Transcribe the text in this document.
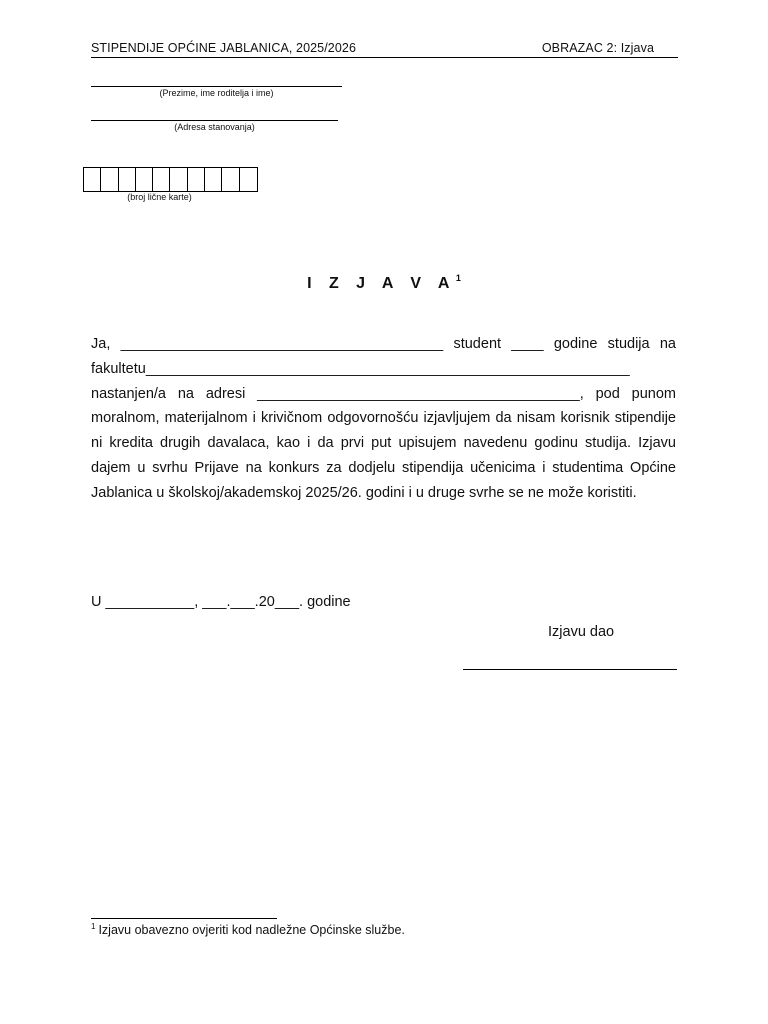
STIPENDIJE OPĆINE JABLANICA, 2025/2026	OBRAZAC 2: Izjava
(Prezime, ime roditelja i ime)
(Adresa stanovanja)
(broj lične karte)
I Z J A V $A^1$
Ja, ________________________________________ student ____ godine studija na
fakultetu____________________________________________________________
nastanjen/a na adresi ________________________________________, pod punom
moralnom, materijalnom i krivičnom odgovornošću izjavljujem da nisam korisnik stipendije ni kredita drugih davalaca, kao i da prvi put upisujem navedenu godinu studija. Izjavu dajem u svrhu Prijave na konkurs za dodjelu stipendija učenicima i studentima Općine Jablanica u školskoj/akademskoj 2025/26. godini i u druge svrhe se ne može koristiti.
U ___________, ___.___.20___. godine
Izjavu dao
$^1$ Izjavu obavezno ovjeriti kod nadležne Općinske službe.
